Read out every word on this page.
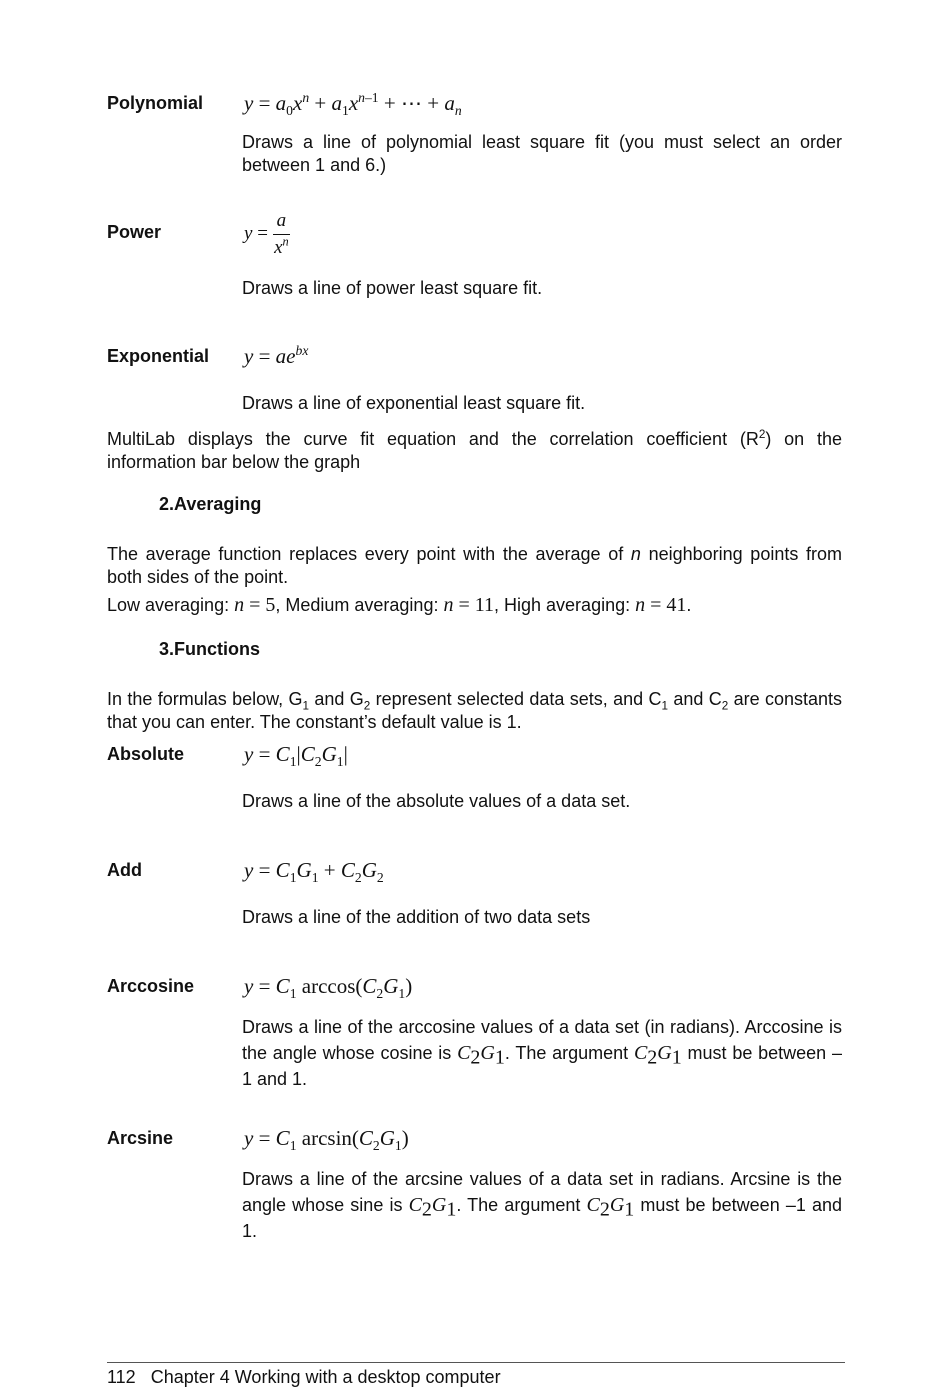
Polynomial $y = a_0x^n + a_1x^{n-1}$ + ⋯ + $a_n$
Draws a line of polynomial least square fit (you must select an order between 1 and 6.)
Power	$y = \frac{a}{x^n}$
Draws a line of power least square fit.
Exponential $y = ae^{bx}$
Draws a line of exponential least square fit.
MultiLab displays the curve fit equation and the correlation coefficient $(R^2)$ on the information bar below the graph
2.Averaging
The average function replaces every point with the average of n neighboring points from both sides of the point.
Low averaging: n = 5, Medium averaging: n = 11, High averaging: n = 41.
3.Functions
In the formulas below, $G_1$ and $G_2$ represent selected data sets, and $C_1$ and $C_2$ are constants that you can enter. The constant’s default value is 1.
Absolute	$y = C_1|C_2G_1|$
Draws a line of the absolute values of a data set.
Add	$y = C_1G_1 + C_2G_2$
Draws a line of the addition of two data sets
Arccosine $y = C_1$ $\arccos(C_2G_1)$
Draws a line of the arccosine values of a data set (in radians). Arccosine is the angle whose cosine is $C_2G_1$. The argument $C_2G_1$ must be between –1 and 1.
Arcsine	$y = C_1$ $\arcsin(C_2G_1)$
Draws a line of the arcsine values of a data set in radians. Arcsine is the angle whose sine is $C_2G_1$. The argument $C_2G_1$ must be between –1 and 1.
112 Chapter 4 Working with a desktop computer
